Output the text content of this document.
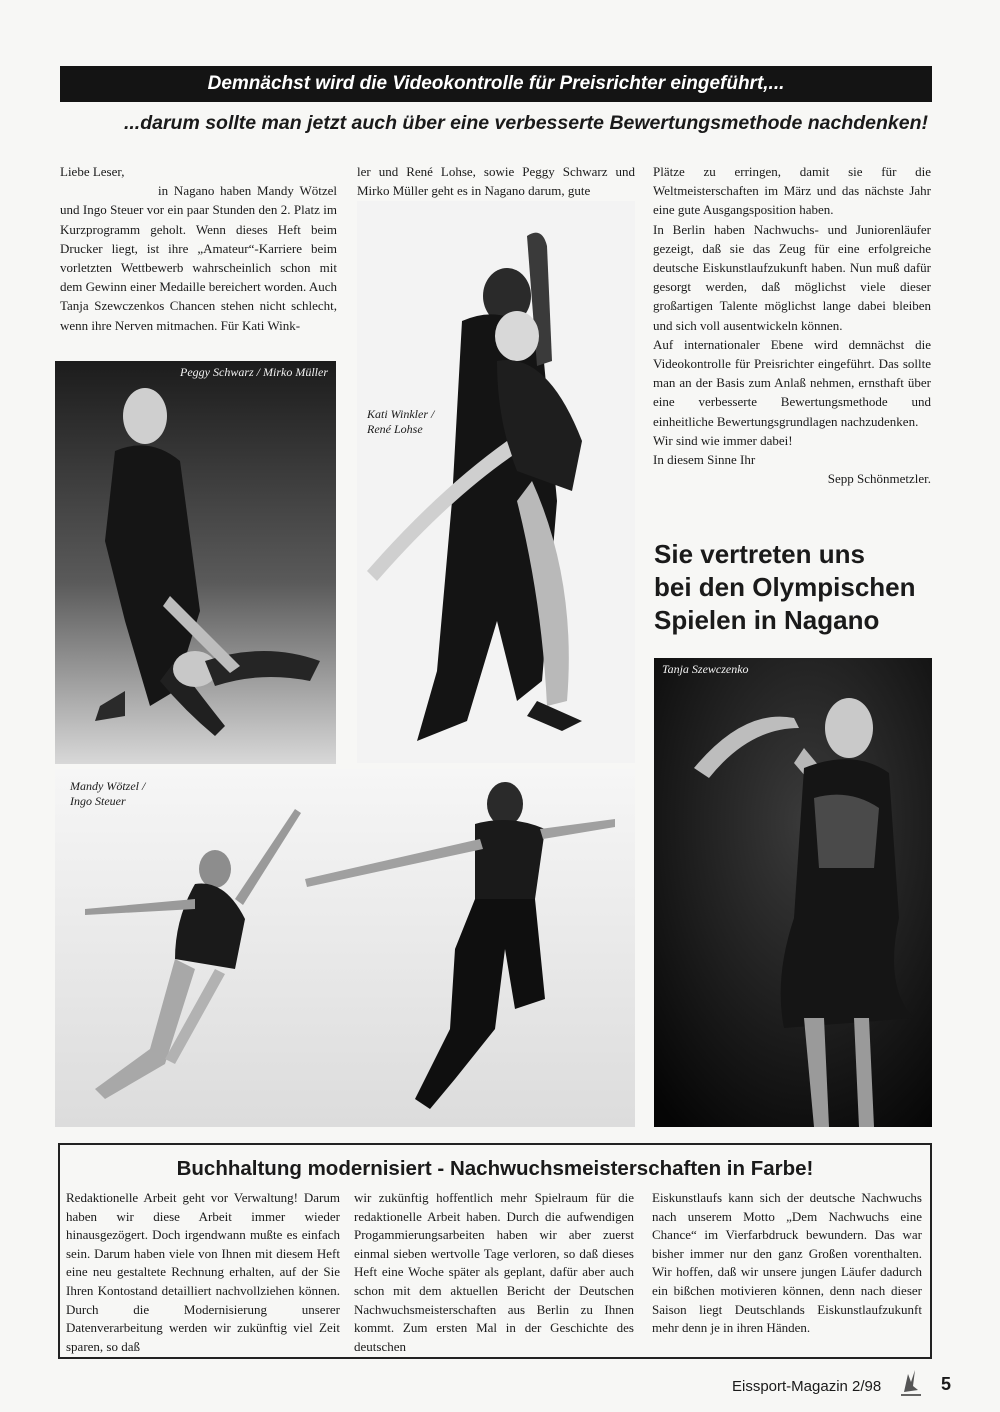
Demnächst wird die Videokontrolle für Preisrichter eingeführt,...
...darum sollte man jetzt auch über eine verbesserte Bewertungsmethode nachdenken!

Liebe Leser,

in Nagano haben Mandy Wötzel und Ingo Steuer vor ein paar Stunden den 2. Platz im Kurzprogramm geholt. Wenn dieses Heft beim Drucker liegt, ist ihre „Amateur“-Karriere beim vorletzten Wettbewerb wahrscheinlich schon mit dem Gewinn einer Medaille bereichert worden. Auch Tanja Szewczenkos Chancen stehen nicht schlecht, wenn ihre Nerven mitmachen. Für Kati Wink-

ler und René Lohse, sowie Peggy Schwarz und Mirko Müller geht es in Nagano darum, gute

Plätze zu erringen, damit sie für die Weltmeisterschaften im März und das nächste Jahr eine gute Ausgangsposition haben.

In Berlin haben Nachwuchs- und Juniorenläufer gezeigt, daß sie das Zeug für eine erfolgreiche deutsche Eiskunstlaufzukunft haben. Nun muß dafür gesorgt werden, daß möglichst viele dieser großartigen Talente möglichst lange dabei bleiben und sich voll ausentwickeln können.

Auf internationaler Ebene wird demnächst die Videokontrolle für Preisrichter eingeführt. Das sollte man an der Basis zum Anlaß nehmen, ernsthaft über eine verbesserte Bewertungsmethode und einheitliche Bewertungsgrundlagen nachzudenken.

Wir sind wie immer dabei!

In diesem Sinne Ihr

Sepp Schönmetzler.

Peggy Schwarz / Mirko Müller
Kati Winkler /
René Lohse
Mandy Wötzel /
Ingo Steuer
Sie vertreten uns
bei den Olympischen
Spielen in Nagano
Tanja Szewczenko
Buchhaltung modernisiert - Nachwuchsmeisterschaften in Farbe!
Redaktionelle Arbeit geht vor Verwaltung! Darum haben wir diese Arbeit immer wieder hinausgezögert. Doch irgendwann mußte es einfach sein. Darum haben viele von Ihnen mit diesem Heft eine neu gestaltete Rechnung erhalten, auf der Sie Ihren Kontostand detailliert nachvollziehen können. Durch die Modernisierung unserer Datenverarbeitung werden wir zukünftig viel Zeit sparen, so daß
wir zukünftig hoffentlich mehr Spielraum für die redaktionelle Arbeit haben. Durch die aufwendigen Progammierungsarbeiten haben wir aber zuerst einmal sieben wertvolle Tage verloren, so daß dieses Heft eine Woche später als geplant, dafür aber auch schon mit dem aktuellen Bericht der Deutschen Nachwuchsmeisterschaften aus Berlin zu Ihnen kommt. Zum ersten Mal in der Geschichte des deutschen
Eiskunstlaufs kann sich der deutsche Nachwuchs nach unserem Motto „Dem Nachwuchs eine Chance“ im Vierfarbdruck bewundern. Das war bisher immer nur den ganz Großen vorenthalten. Wir hoffen, daß wir unsere jungen Läufer dadurch ein bißchen motivieren können, denn nach dieser Saison liegt Deutschlands Eiskunstlaufzukunft mehr denn je in ihren Händen.
Eissport-Magazin 2/98	5
